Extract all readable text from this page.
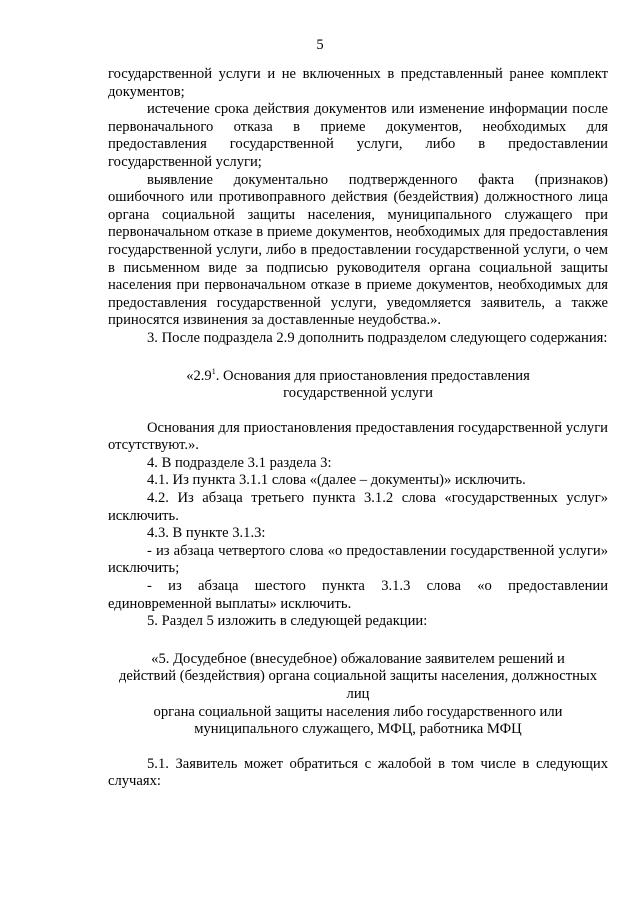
5

государственной услуги и не включенных в представленный ранее комплект документов;

истечение срока действия документов или изменение информации после первоначального отказа в приеме документов, необходимых для предоставления государственной услуги, либо в предоставлении государственной услуги;

выявление документально подтвержденного факта (признаков) ошибочного или противоправного действия (бездействия) должностного лица органа социальной защиты населения, муниципального служащего при первоначальном отказе в приеме документов, необходимых для предоставления государственной услуги, либо в предоставлении государственной услуги, о чем в письменном виде за подписью руководителя органа социальной защиты населения при первоначальном отказе в приеме документов, необходимых для предоставления государственной услуги, уведомляется заявитель, а также приносятся извинения за доставленные неудобства.».

3. После подраздела 2.9 дополнить подразделом следующего содержания:

«$2.9^1$. Основания для приостановления предоставления
государственной услуги

Основания для приостановления предоставления государственной услуги отсутствуют.».

4. В подразделе 3.1 раздела 3:

4.1. Из пункта 3.1.1 слова «(далее – документы)» исключить.

4.2. Из абзаца третьего пункта 3.1.2 слова «государственных услуг» исключить.

4.3. В пункте 3.1.3:

- из абзаца четвертого слова «о предоставлении государственной услуги» исключить;

- из абзаца шестого пункта 3.1.3 слова «о предоставлении единовременной выплаты» исключить.

5. Раздел 5 изложить в следующей редакции:

«5. Досудебное (внесудебное) обжалование заявителем решений и
действий (бездействия) органа социальной защиты населения, должностных
лиц
органа социальной защиты населения либо государственного или
муниципального служащего, МФЦ, работника МФЦ

5.1. Заявитель может обратиться с жалобой в том числе в следующих случаях:
